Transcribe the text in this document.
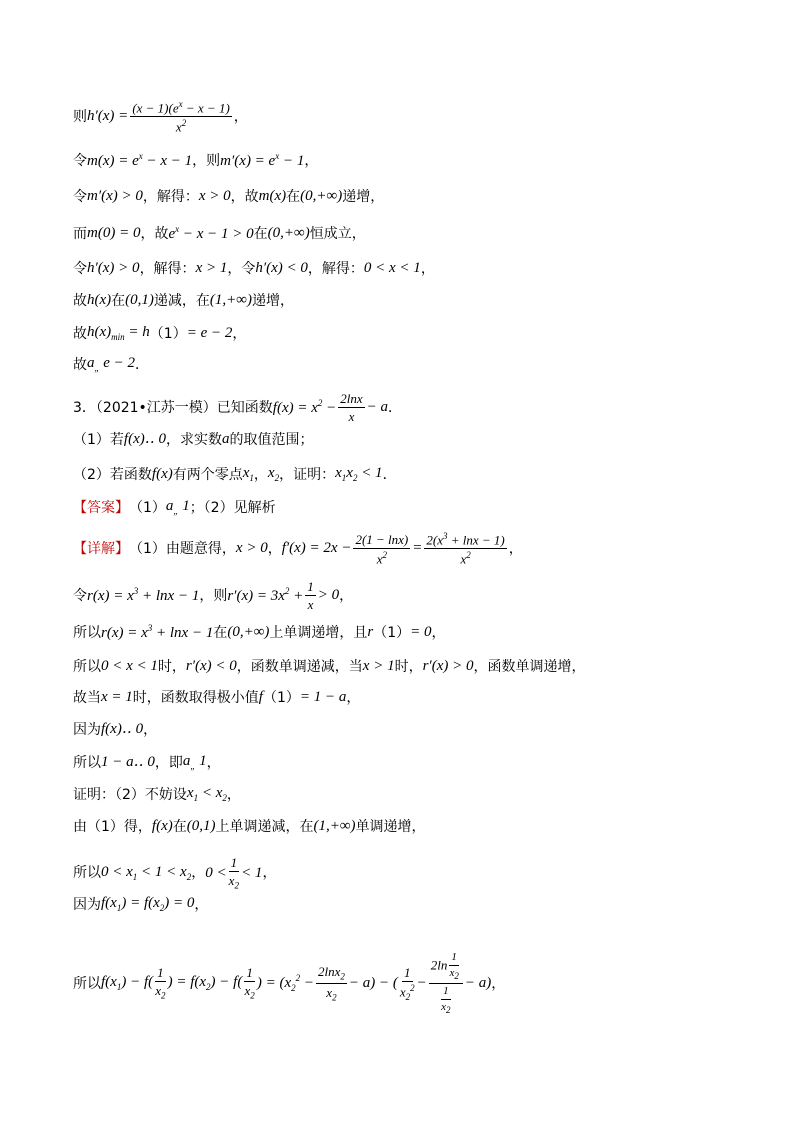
则 $h'(x) = \frac{(x - 1)(e^x - x - 1)}{x^2}$ ，
令 $m(x) = e^x - x - 1$ ，则 $m'(x) = e^x - 1$ ，
令 m′(x) > 0 ，解得： x > 0 ，故 m(x) 在 (0,+∞) 递增，
而 m(0) = 0 ，故 $e^x - x - 1 > 0$ 在 (0,+∞) 恒成立，
令 h′(x) > 0 ，解得： x > 1 ，令 h′(x) < 0 ，解得： 0 < x < 1 ，
故 h(x) 在 (0,1) 递减，在 (1,+∞) 递增，
故 $h(x)_{min} = h$ （1） = e − 2 ，
故 $a_„$ e − 2 ．
3．（2021•江苏一模）已知函数 $f(x) = x^2 - \frac{2\ln x}{x} - a$ ．
（1）若 f(x)‥ 0 ，求实数 a 的取值范围；
（2）若函数 f(x) 有两个零点 $x_1$ ， $x_2$ ，证明： $x_1x_2 < 1$ ．
【答案】 （1） $a_„$ 1 ；（2）见解析
【详解】 （1）由题意得， x > 0 ， $f'(x) = 2x - \frac{2(1 - \ln x)}{x^2} = \frac{2(x^3 + \ln x - 1)}{x^2}$ ，
令 $r(x) = x^3 + \ln x - 1$ ，则 $r'(x) = 3x^2 + \frac{1}{x} > 0$ ，
所以 $r(x) = x^3 + \ln x - 1$ 在 (0,+∞) 上单调递增，且 r （1） = 0 ，
所以 0 < x < 1 时， r′(x) < 0 ，函数单调递减，当 x > 1 时， r′(x) > 0 ，函数单调递增，
故当 x = 1 时，函数取得极小值 f （1） = 1 − a ，
因为 f(x)‥ 0 ，
所以 1 − a‥ 0 ，即 $a_„$ 1 ，
证明：（2）不妨设 $x_1 < x_2$ ，
由（1）得， f(x) 在 (0,1) 上单调递减，在 (1,+∞) 单调递增，
所以 $0 < x_1 < 1 < x_2$ ， $0 < \frac{1}{x_2} < 1$ ，
因为 $f(x_1) = f(x_2) = 0$ ，
所以 $f(x_1) - f( \frac{1}{x_2}$ ) = $f(x_2) - f( \frac{1}{x_2}$ ) = $(x_2^2 - \frac{2\ln x_2}{x_2} - a)$ − ( $\frac{1}{x_2^2} - \frac{2\ln \frac{1}{x_2}}{\frac{1}{x_2}} - a$) ，
